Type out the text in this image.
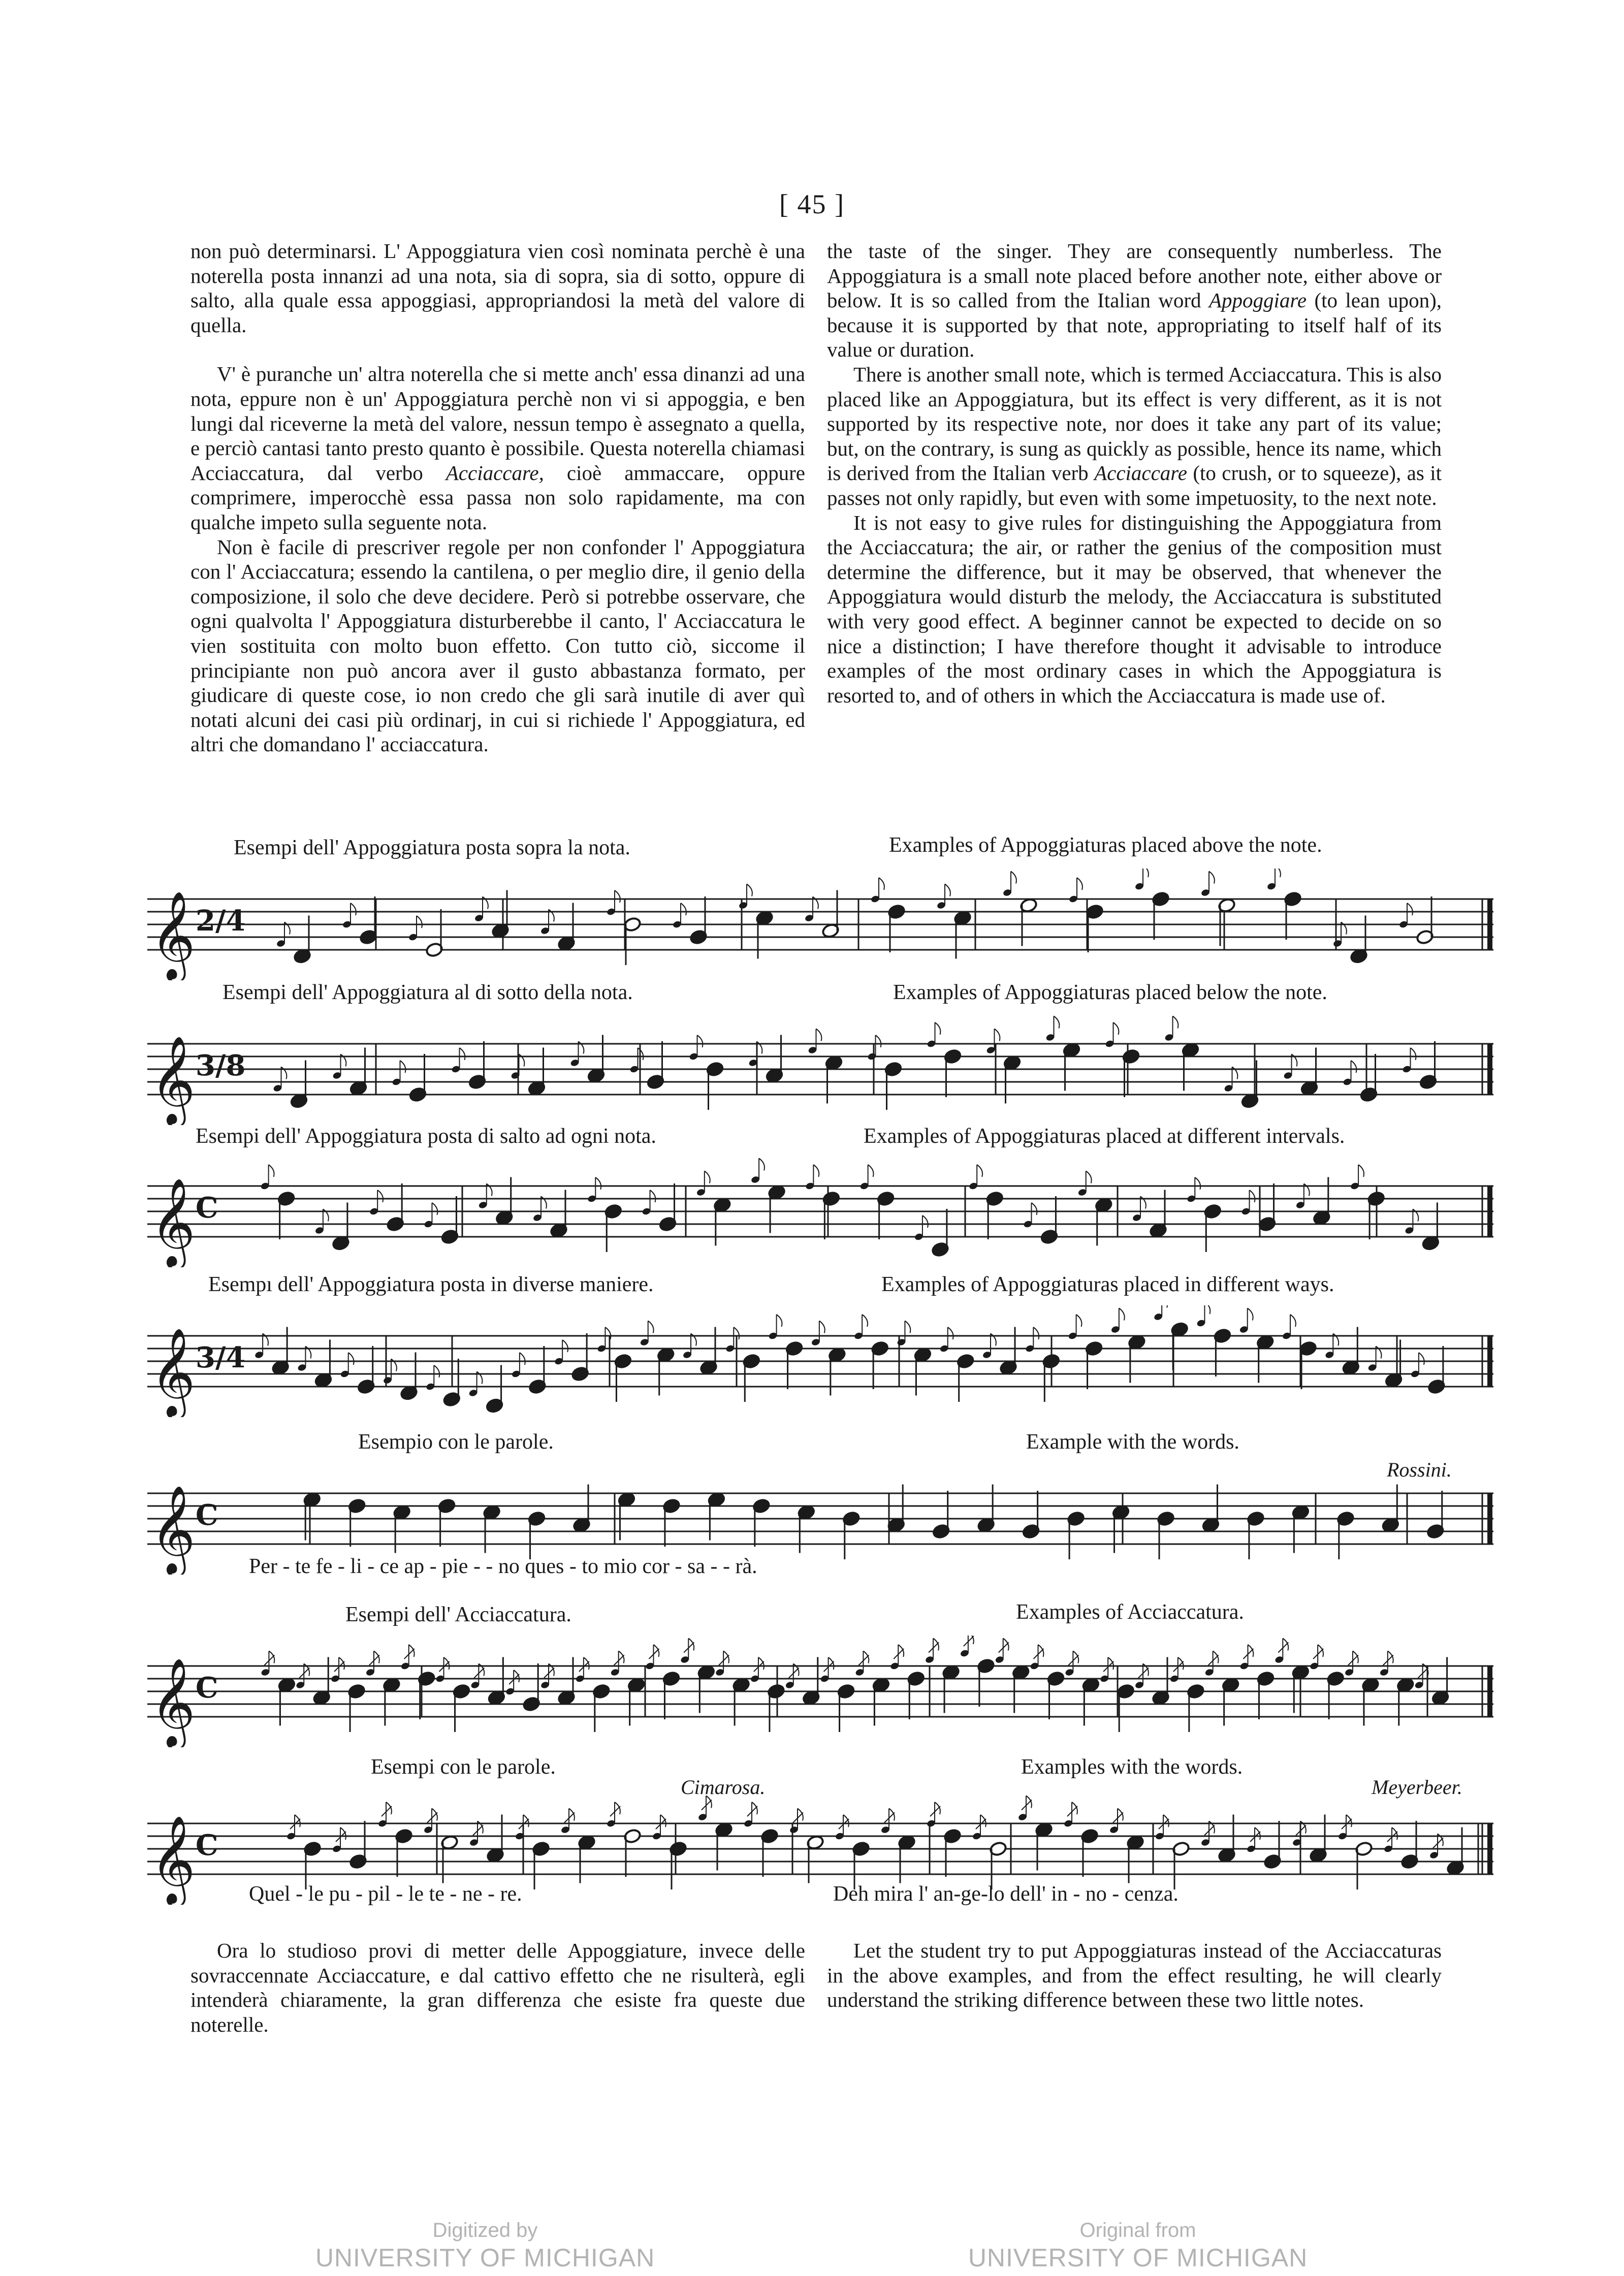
[ 45 ]

non può determinarsi. L' Appoggiatura vien così nominata perchè è una noterella posta innanzi ad una nota, sia di sopra, sia di sotto, oppure di salto, alla quale essa appoggiasi, appropriandosi la metà del valore di quella.

V' è puranche un' altra noterella che si mette anch' essa dinanzi ad una nota, eppure non è un' Appoggiatura perchè non vi si appoggia, e ben lungi dal riceverne la metà del valore, nessun tempo è assegnato a quella, e perciò cantasi tanto presto quanto è possibile. Questa noterella chiamasi Acciaccatura, dal verbo Acciaccare, cioè ammaccare, oppure comprimere, imperocchè essa passa non solo rapidamente, ma con qualche impeto sulla seguente nota.

Non è facile di prescriver regole per non confonder l' Appoggiatura con l' Acciaccatura; essendo la cantilena, o per meglio dire, il genio della composizione, il solo che deve decidere. Però si potrebbe osservare, che ogni qualvolta l' Appoggiatura disturberebbe il canto, l' Acciaccatura le vien sostituita con molto buon effetto. Con tutto ciò, siccome il principiante non può ancora aver il gusto abbastanza formato, per giudicare di queste cose, io non credo che gli sarà inutile di aver quì notati alcuni dei casi più ordinarj, in cui si richiede l' Appoggiatura, ed altri che domandano l' acciaccatura.

the taste of the singer. They are consequently numberless. The Appoggiatura is a small note placed before another note, either above or below. It is so called from the Italian word Appoggiare (to lean upon), because it is supported by that note, appropriating to itself half of its value or duration.

There is another small note, which is termed Acciaccatura. This is also placed like an Appoggiatura, but its effect is very different, as it is not supported by its respective note, nor does it take any part of its value; but, on the contrary, is sung as quickly as possible, hence its name, which is derived from the Italian verb Acciaccare (to crush, or to squeeze), as it passes not only rapidly, but even with some impetuosity, to the next note.

It is not easy to give rules for distinguishing the Appoggiatura from the Acciaccatura; the air, or rather the genius of the composition must determine the difference, but it may be observed, that whenever the Appoggiatura would disturb the melody, the Acciaccatura is substituted with very good effect. A beginner cannot be expected to decide on so nice a distinction; I have therefore thought it advisable to introduce examples of the most ordinary cases in which the Appoggiatura is resorted to, and of others in which the Acciaccatura is made use of.

Esempi dell' Appoggiatura posta sopra la nota.	Examples of Appoggiaturas placed above the note.
𝄞 2/4
Esempi dell' Appoggiatura al di sotto della nota.	Examples of Appoggiaturas placed below the note.
𝄞 3/8
Esempi dell' Appoggiatura posta di salto ad ogni nota.	Examples of Appoggiaturas placed at different intervals.
𝄞 C
Esempı dell' Appoggiatura posta in diverse maniere.	Examples of Appoggiaturas placed in different ways.
𝄞 3/4
Esempio con le parole.	Example with the words.
Rossini.
𝄞 C
Per - te fe - li - ce ap - pie - - no ques - to mio cor - sa - - rà.
Esempi dell' Acciaccatura.	Examples of Acciaccatura.
𝄞 C
Esempi con le parole.	Examples with the words.
Cimarosa.	Meyerbeer.
𝄞 C
Quel - le pu - pil - le te - ne - re.	Deh mira l' an-ge-lo dell' in - no - cenza.

Ora lo studioso provi di metter delle Appoggiature, invece delle sovraccennate Acciaccature, e dal cattivo effetto che ne risulterà, egli intenderà chiaramente, la gran differenza che esiste fra queste due noterelle.

Let the student try to put Appoggiaturas instead of the Acciaccaturas in the above examples, and from the effect resulting, he will clearly understand the striking difference between these two little notes.

Digitized by
UNIVERSITY OF MICHIGAN
Original from
UNIVERSITY OF MICHIGAN
